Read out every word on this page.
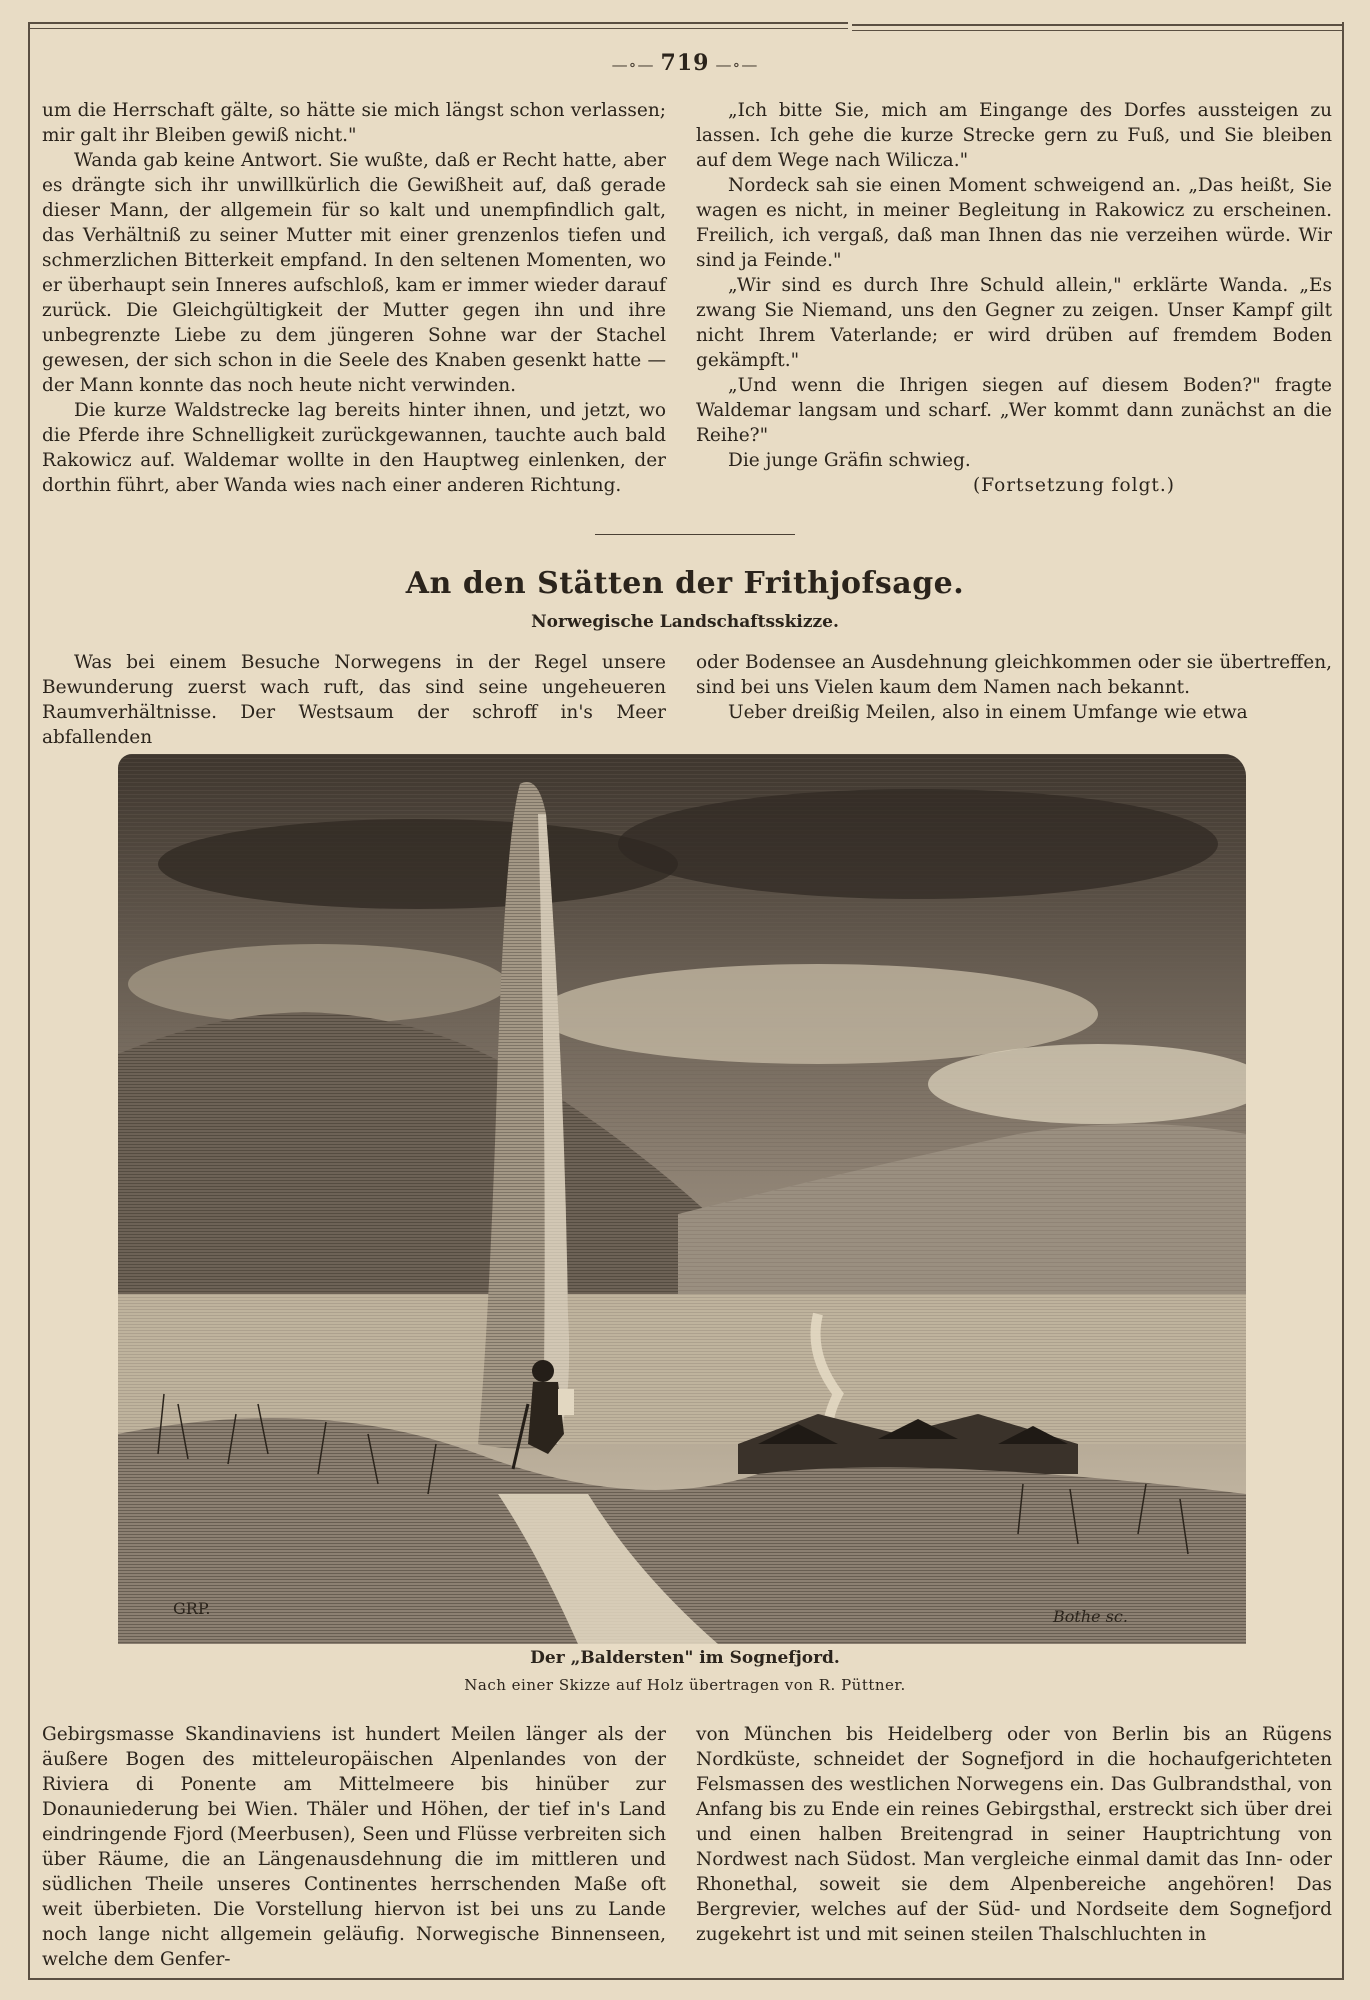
—∘— 719 —∘—

um die Herrschaft gälte, so hätte sie mich längst schon verlassen; mir galt ihr Bleiben gewiß nicht."

Wanda gab keine Antwort. Sie wußte, daß er Recht hatte, aber es drängte sich ihr unwillkürlich die Gewißheit auf, daß gerade dieser Mann, der allgemein für so kalt und unempfindlich galt, das Verhältniß zu seiner Mutter mit einer grenzenlos tiefen und schmerzlichen Bitterkeit empfand. In den seltenen Momenten, wo er überhaupt sein Inneres aufschloß, kam er immer wieder darauf zurück. Die Gleichgültigkeit der Mutter gegen ihn und ihre unbegrenzte Liebe zu dem jüngeren Sohne war der Stachel gewesen, der sich schon in die Seele des Knaben gesenkt hatte — der Mann konnte das noch heute nicht verwinden.

Die kurze Waldstrecke lag bereits hinter ihnen, und jetzt, wo die Pferde ihre Schnelligkeit zurückgewannen, tauchte auch bald Rakowicz auf. Waldemar wollte in den Hauptweg einlenken, der dorthin führt, aber Wanda wies nach einer anderen Richtung.

„Ich bitte Sie, mich am Eingange des Dorfes aussteigen zu lassen. Ich gehe die kurze Strecke gern zu Fuß, und Sie bleiben auf dem Wege nach Wilicza."

Nordeck sah sie einen Moment schweigend an. „Das heißt, Sie wagen es nicht, in meiner Begleitung in Rakowicz zu erscheinen. Freilich, ich vergaß, daß man Ihnen das nie verzeihen würde. Wir sind ja Feinde."

„Wir sind es durch Ihre Schuld allein," erklärte Wanda. „Es zwang Sie Niemand, uns den Gegner zu zeigen. Unser Kampf gilt nicht Ihrem Vaterlande; er wird drüben auf fremdem Boden gekämpft."

„Und wenn die Ihrigen siegen auf diesem Boden?" fragte Waldemar langsam und scharf. „Wer kommt dann zunächst an die Reihe?"

Die junge Gräfin schwieg.

(Fortsetzung folgt.)

An den Stätten der Frithjofsage.
Norwegische Landschaftsskizze.

Was bei einem Besuche Norwegens in der Regel unsere Bewunderung zuerst wach ruft, das sind seine ungeheueren Raumverhältnisse. Der Westsaum der schroff in's Meer abfallenden

oder Bodensee an Ausdehnung gleichkommen oder sie übertreffen, sind bei uns Vielen kaum dem Namen nach bekannt.

Ueber dreißig Meilen, also in einem Umfange wie etwa

GRP.	Bothe sc.
Der „Baldersten" im Sognefjord.
Nach einer Skizze auf Holz übertragen von R. Püttner.

Gebirgsmasse Skandinaviens ist hundert Meilen länger als der äußere Bogen des mitteleuropäischen Alpenlandes von der Riviera di Ponente am Mittelmeere bis hinüber zur Donauniederung bei Wien. Thäler und Höhen, der tief in's Land eindringende Fjord (Meerbusen), Seen und Flüsse verbreiten sich über Räume, die an Längenausdehnung die im mittleren und südlichen Theile unseres Continentes herrschenden Maße oft weit überbieten. Die Vorstellung hiervon ist bei uns zu Lande noch lange nicht allgemein geläufig. Norwegische Binnenseen, welche dem Genfer-

von München bis Heidelberg oder von Berlin bis an Rügens Nordküste, schneidet der Sognefjord in die hochaufgerichteten Felsmassen des westlichen Norwegens ein. Das Gulbrandsthal, von Anfang bis zu Ende ein reines Gebirgsthal, erstreckt sich über drei und einen halben Breitengrad in seiner Hauptrichtung von Nordwest nach Südost. Man vergleiche einmal damit das Inn- oder Rhonethal, soweit sie dem Alpenbereiche angehören! Das Bergrevier, welches auf der Süd- und Nordseite dem Sognefjord zugekehrt ist und mit seinen steilen Thalschluchten in
